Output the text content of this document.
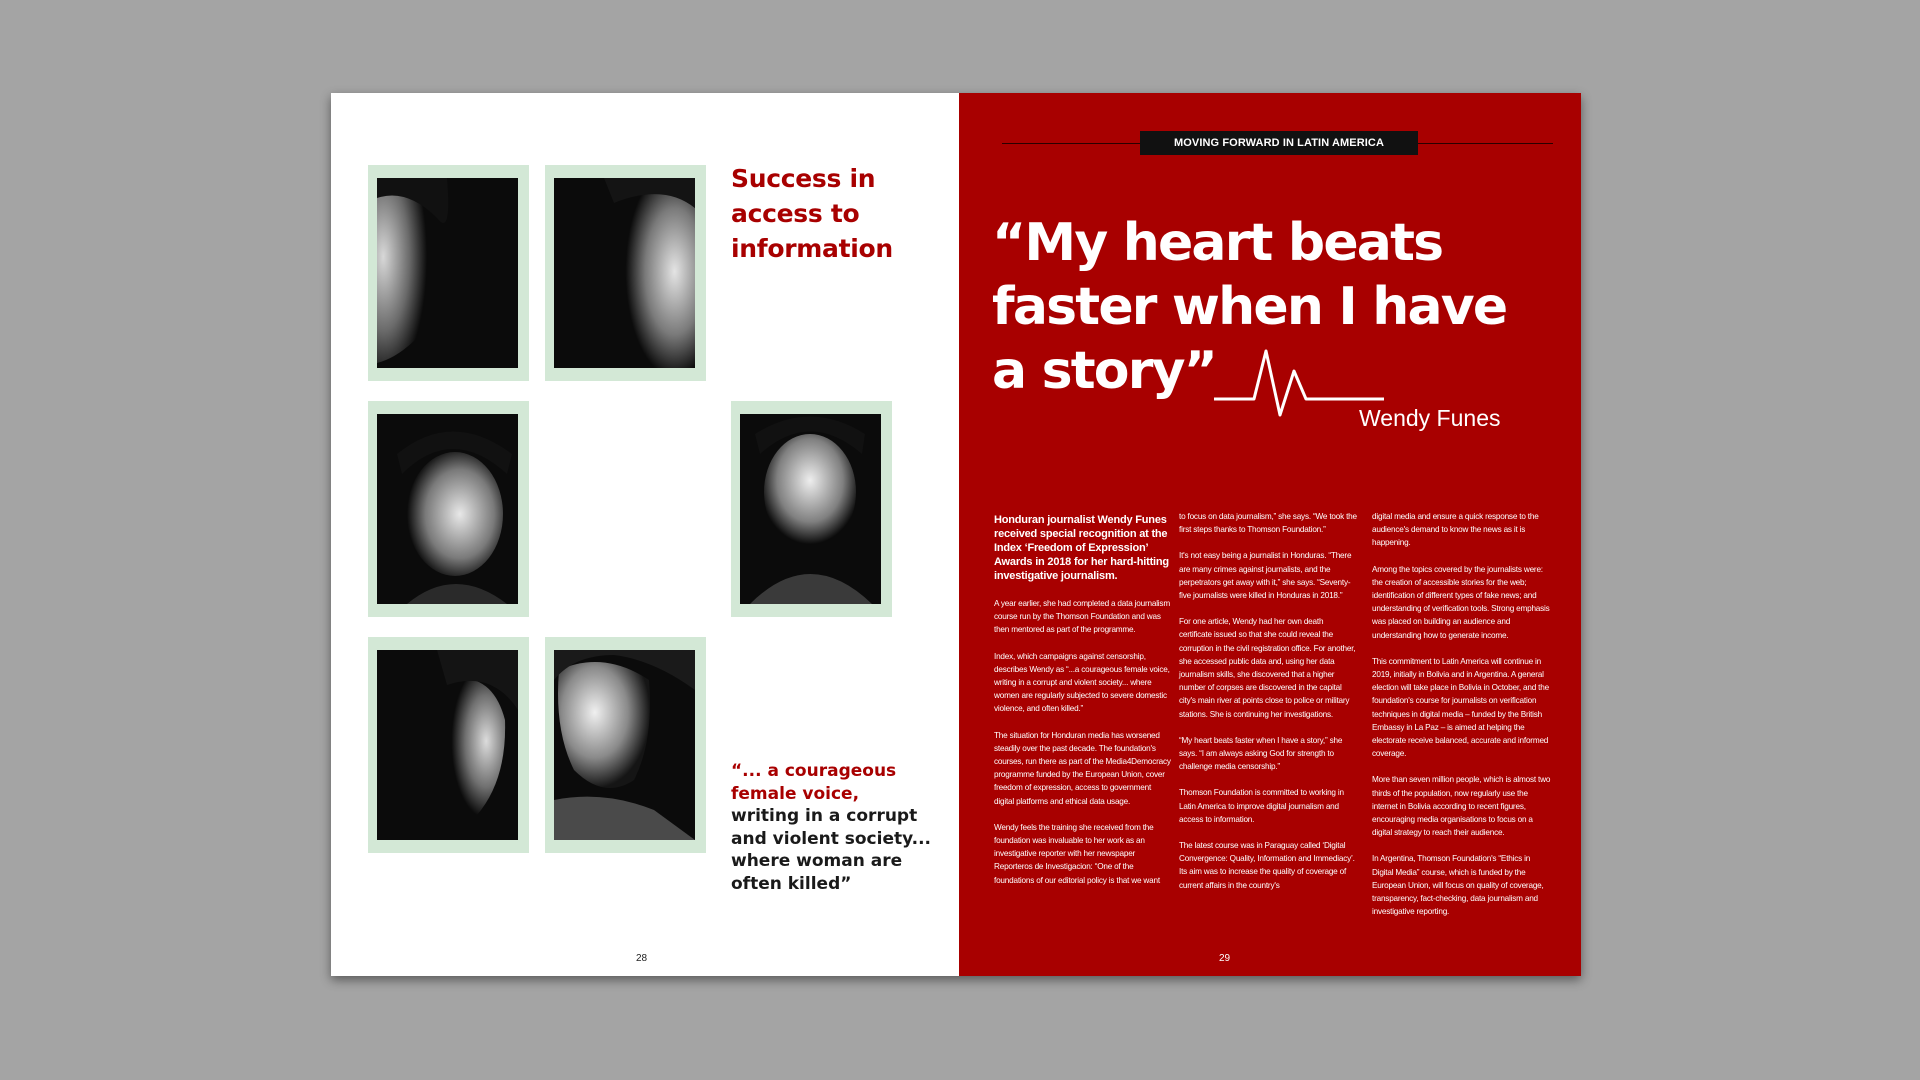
Success in access to information
“... a courageous female voice, writing in a corrupt and violent society... where woman are often killed”
28
MOVING FORWARD IN LATIN AMERICA
“My heart beats faster when I have a story”
Wendy Funes

Honduran journalist Wendy Funes received special recognition at the Index ‘Freedom of Expression’ Awards in 2018 for her hard-hitting investigative journalism.

A year earlier, she had completed a data journalism course run by the Thomson Foundation and was then mentored as part of the programme.

Index, which campaigns against censorship, describes Wendy as “...a courageous female voice, writing in a corrupt and violent society... where women are regularly subjected to severe domestic violence, and often killed.”

The situation for Honduran media has worsened steadily over the past decade. The foundation's courses, run there as part of the Media4Democracy programme funded by the European Union, cover freedom of expression, access to government digital platforms and ethical data usage.

Wendy feels the training she received from the foundation was invaluable to her work as an investigative reporter with her newspaper Reporteros de Investigacion: “One of the foundations of our editorial policy is that we want

to focus on data journalism,” she says. “We took the first steps thanks to Thomson Foundation.”

It's not easy being a journalist in Honduras. “There are many crimes against journalists, and the perpetrators get away with it,” she says. “Seventy-five journalists were killed in Honduras in 2018.”

For one article, Wendy had her own death certificate issued so that she could reveal the corruption in the civil registration office. For another, she accessed public data and, using her data journalism skills, she discovered that a higher number of corpses are discovered in the capital city's main river at points close to police or military stations. She is continuing her investigations.

“My heart beats faster when I have a story,” she says. “I am always asking God for strength to challenge media censorship.”

Thomson Foundation is committed to working in Latin America to improve digital journalism and access to information.

The latest course was in Paraguay called ‘Digital Convergence: Quality, Information and Immediacy’. Its aim was to increase the quality of coverage of current affairs in the country's

digital media and ensure a quick response to the audience's demand to know the news as it is happening.

Among the topics covered by the journalists were: the creation of accessible stories for the web; identification of different types of fake news; and understanding of verification tools. Strong emphasis was placed on building an audience and understanding how to generate income.

This commitment to Latin America will continue in 2019, initially in Bolivia and in Argentina. A general election will take place in Bolivia in October, and the foundation's course for journalists on verification techniques in digital media – funded by the British Embassy in La Paz – is aimed at helping the electorate receive balanced, accurate and informed coverage.

More than seven million people, which is almost two thirds of the population, now regularly use the internet in Bolivia according to recent figures, encouraging media organisations to focus on a digital strategy to reach their audience.

In Argentina, Thomson Foundation's “Ethics in Digital Media” course, which is funded by the European Union, will focus on quality of coverage, transparency, fact-checking, data journalism and investigative reporting.

29
